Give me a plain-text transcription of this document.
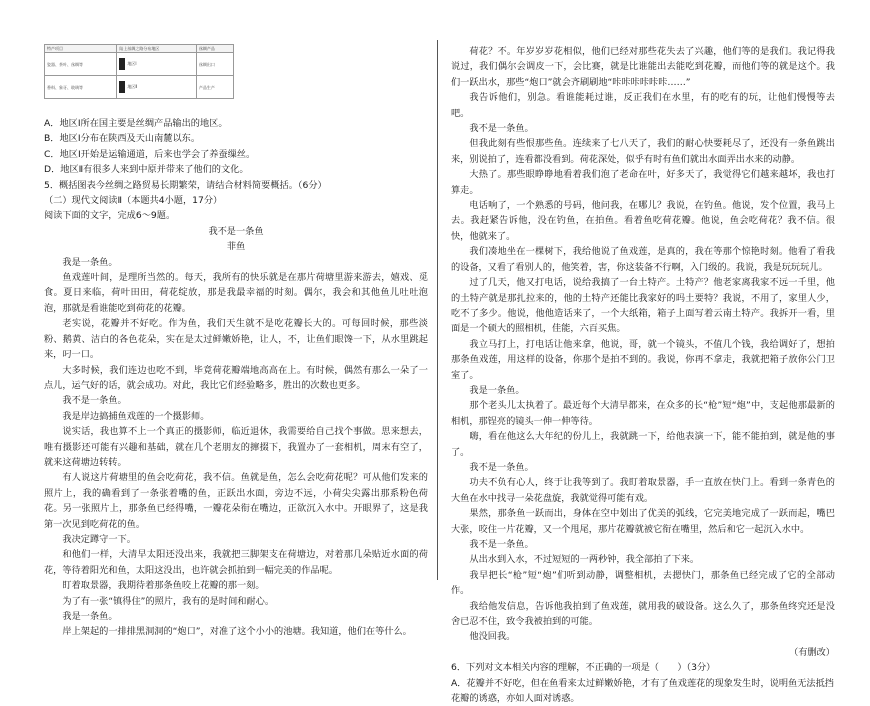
特产项目	陆上丝绸之路分布地区	丝绸产品
瓷器、茶叶、丝绸等	地区Ⅰ	丝绸出口
香料、象牙、玻璃等	地区Ⅱ	产品生产

A．地区Ⅰ所在国主要是丝绸产品输出的地区。

B．地区Ⅰ分布在陕西及天山南麓以东。

C．地区Ⅰ开始是运输通道，后来也学会了养蚕缫丝。

D．地区Ⅱ有很多人来到中原并带来了他们的文化。

5．概括图表今丝绸之路贸易长期繁荣，请结合材料简要概括。（6分）

（二）现代文阅读Ⅱ（本题共4小题，17分）

阅读下面的文字，完成6～9题。

我不是一条鱼

菲鱼

我是一条鱼。

鱼戏莲叶间，是理所当然的。每天，我所有的快乐就是在那片荷塘里游来游去，嬉戏、觅食。夏日来临，荷叶田田，荷花绽放，那是我最幸福的时刻。偶尔，我会和其他鱼儿吐吐泡泡，那就是看谁能吃到荷花的花瓣。

老实说，花瓣并不好吃。作为鱼，我们天生就不是吃花瓣长大的。可每回时候，那些淡粉、鹅黄、洁白的各色花朵，实在是太过鲜嫩娇艳，让人，不，让鱼们眼馋一下，从水里跳起来，叼一口。

大多时候，我们连边也吃不到，毕竟荷花瓣端地高高在上。有时候，偶然有那么一朵了一点儿，运气好的话，就会成功。对此，我比它们经验略多，胜出的次数也更多。

我不是一条鱼。

我是岸边搞捕鱼戏莲的一个摄影师。

说实话，我也算不上一个真正的摄影师，临近退休，我需要给自己找个事做。思来想去，唯有摄影还可能有兴趣和基础，就在几个老朋友的撺掇下，我置办了一套相机，周末有空了，就来这荷塘边转转。

有人说这片荷塘里的鱼会吃荷花，我不信。鱼就是鱼，怎么会吃荷花呢？可从他们发来的照片上，我的确看到了一条张着嘴的鱼，正跃出水面，旁边不远，小荷尖尖露出那系粉色荷花。另一张照片上，那条鱼已经得嘴，一瓣花朵衔在嘴边，正欲沉入水中。开眼界了，这是我第一次见到吃荷花的鱼。

我决定蹲守一下。

和他们一样，大清早太阳还没出来，我就把三脚架支在荷塘边，对着那几朵贴近水面的荷花，等待着阳光和鱼，太阳这没出，也许就会抓拍到一幅完美的作品呢。

盯着取景器，我期待着那条鱼咬上花瓣的那一刻。

为了有一张“镇得住”的照片，我有的是时间和耐心。

我是一条鱼。

岸上架起的一排排黑洞洞的“炮口”，对准了这个小小的池塘。我知道，他们在等什么。

荷花？不。年岁岁岁花相似，他们已经对那些花失去了兴趣，他们等的是我们。我记得我说过，我们偶尔会调皮一下，会比赛，就是比谁能出去能吃到花瓣，而他们等的就是这个。我们一跃出水，那些“炮口”就会齐刷刷地“咔咔咔咔咔咔……”

我告诉他们，别急。看谁能耗过谁，反正我们在水里，有的吃有的玩，让他们慢慢等去吧。

我不是一条鱼。

但我此刻有些恨那些鱼。连续来了七八天了，我们的耐心快要耗尽了，还没有一条鱼跳出来，别说拍了，连看都没看到。荷花深处，似乎有时有鱼们就出水面弄出水来的动静。

大热了。那些眼睁睁地看着我们泡了老命在叶，好多天了，我觉得它们越来越坏，我也打算走。

电话响了，一个熟悉的号码，他问我，在哪儿？我说，在钓鱼。他说，发个位置，我马上去。我赶紧告诉他，没在钓鱼，在拍鱼。看着鱼吃荷花瓣。他说，鱼会吃荷花？我不信。很快，他就来了。

我们凑地坐在一棵树下，我给他说了鱼戏莲，是真的，我在等那个惊艳时刻。他看了看我的设备，又看了看别人的，他笑着，害，你这装备不行啊，入门级的。我说，我是玩玩玩儿。

过了几天，他又打电话，说给我搞了一台土特产。土特产？他老家离我家不远一千里，他的土特产就是那扎拉来的，他的土特产还能比我家好的吗土要特？我说，不用了，家里人少，吃不了多少。他说，他他造话来了，一个大纸箱，箱子上面写着云南土特产。我拆开一看，里面是一个硕大的照相机，佳能，六百买焦。

我立马打上，打电话让他来拿，他说，哥，就一个镜头，不值几个钱，我给调好了，想拍那条鱼戏莲，用这样的设备，你那个是拍不到的。我说，你再不拿走，我就把箱子放你公门卫室了。

我是一条鱼。

那个老头儿太执着了。最近每个大清早都来，在众多的长“枪”短“炮”中，支起他那最新的相机，那锃亮的镜头一伸一伸等待。

嗨，看在他这么大年纪的份儿上，我就跳一下，给他表演一下，能不能拍到，就是他的事了。

我不是一条鱼。

功夫不负有心人，终于让我等到了。我盯着取景器，手一直放在快门上。看到一条青色的大鱼在水中找寻一朵花盘旋，我就觉得可能有戏。

果然，那条鱼一跃而出，身体在空中划出了优美的弧线，它完美地完成了一跃而起，嘴巴大张，咬住一片花瓣，又一个甩尾，那片花瓣就被它衔在嘴里，然后和它一起沉入水中。

我不是一条鱼。

从出水到入水，不过短短的一两秒钟，我全部拍了下来。

我早把长“枪”短“炮”们听到动静，调整相机，去摁快门，那条鱼已经完成了它的全部动作。

我给他发信息，告诉他我拍到了鱼戏莲，就用我的破设备。这么久了，那条鱼终究还是没舍已忍不住，致令我被拍到的可能。

他没回我。

（有删改）

6．下列对文本相关内容的理解，不正确的一项是（　　）（3分）

A．花瓣并不好吃，但在鱼看来太过鲜嫩娇艳，才有了鱼戏莲花的现象发生时，说明鱼无法抵挡花瓣的诱惑，亦如人面对诱惑。
